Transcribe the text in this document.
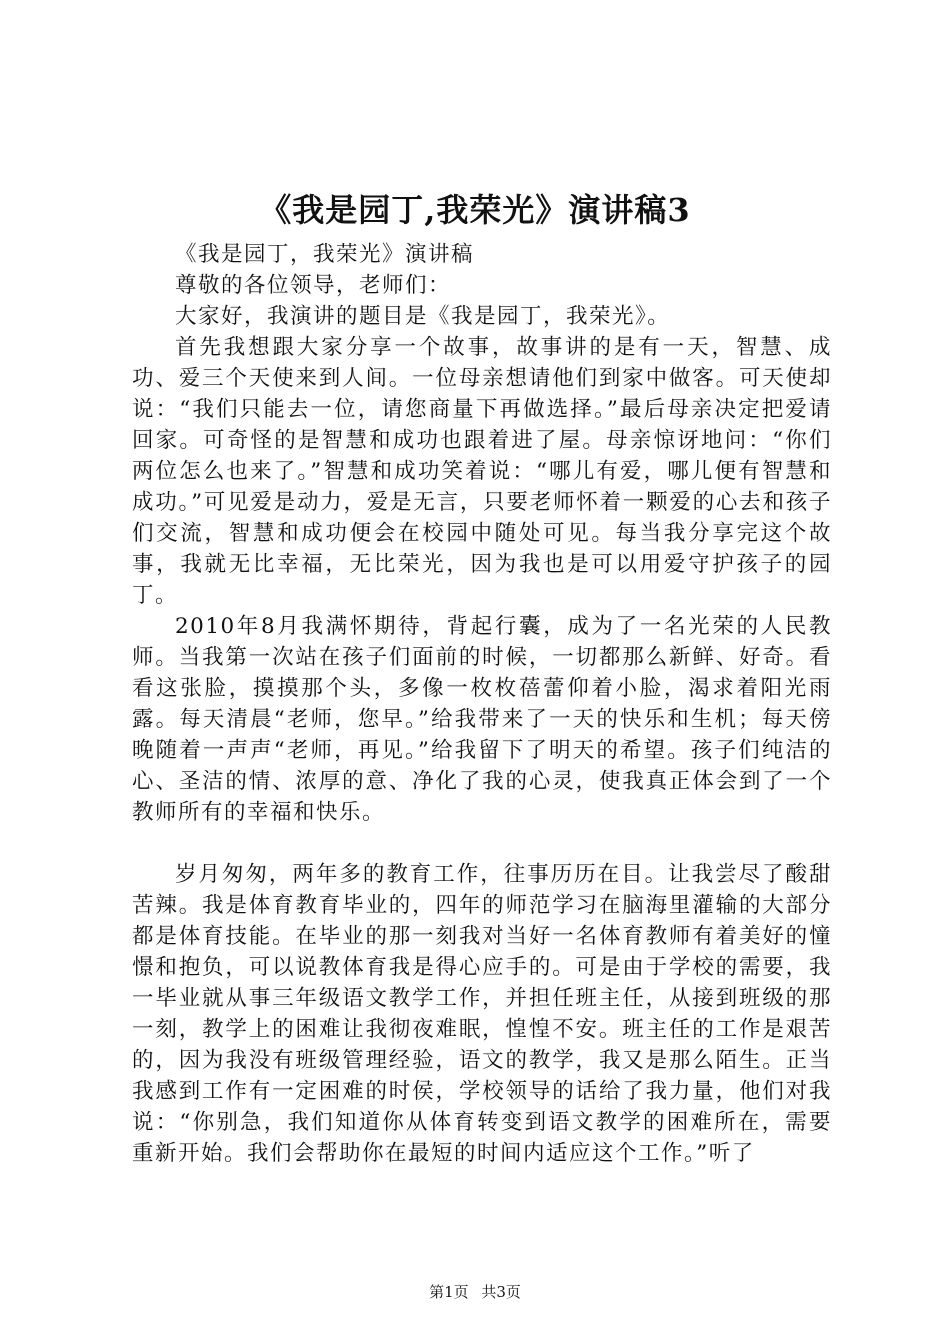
《我是园丁,我荣光》演讲稿3

《我是园丁，我荣光》演讲稿

尊敬的各位领导，老师们：

大家好，我演讲的题目是《我是园丁，我荣光》。

首先我想跟大家分享一个故事，故事讲的是有一天，智慧、成功、爱三个天使来到人间。一位母亲想请他们到家中做客。可天使却说：“我们只能去一位，请您商量下再做选择。”最后母亲决定把爱请回家。可奇怪的是智慧和成功也跟着进了屋。母亲惊讶地问：“你们两位怎么也来了。”智慧和成功笑着说：“哪儿有爱，哪儿便有智慧和成功。”可见爱是动力，爱是无言，只要老师怀着一颗爱的心去和孩子们交流，智慧和成功便会在校园中随处可见。每当我分享完这个故事，我就无比幸福，无比荣光，因为我也是可以用爱守护孩子的园丁。

2010年8月我满怀期待，背起行囊，成为了一名光荣的人民教师。当我第一次站在孩子们面前的时候，一切都那么新鲜、好奇。看看这张脸，摸摸那个头，多像一枚枚蓓蕾仰着小脸，渴求着阳光雨露。每天清晨“老师，您早。”给我带来了一天的快乐和生机；每天傍晚随着一声声“老师，再见。”给我留下了明天的希望。孩子们纯洁的心、圣洁的情、浓厚的意、净化了我的心灵，使我真正体会到了一个教师所有的幸福和快乐。

岁月匆匆，两年多的教育工作，往事历历在目。让我尝尽了酸甜苦辣。我是体育教育毕业的，四年的师范学习在脑海里灌输的大部分都是体育技能。在毕业的那一刻我对当好一名体育教师有着美好的憧憬和抱负，可以说教体育我是得心应手的。可是由于学校的需要，我一毕业就从事三年级语文教学工作，并担任班主任，从接到班级的那一刻，教学上的困难让我彻夜难眠，惶惶不安。班主任的工作是艰苦的，因为我没有班级管理经验，语文的教学，我又是那么陌生。正当我感到工作有一定困难的时侯，学校领导的话给了我力量，他们对我说：“你别急，我们知道你从体育转变到语文教学的困难所在，需要重新开始。我们会帮助你在最短的时间内适应这个工作。”听了

第1页 共3页
